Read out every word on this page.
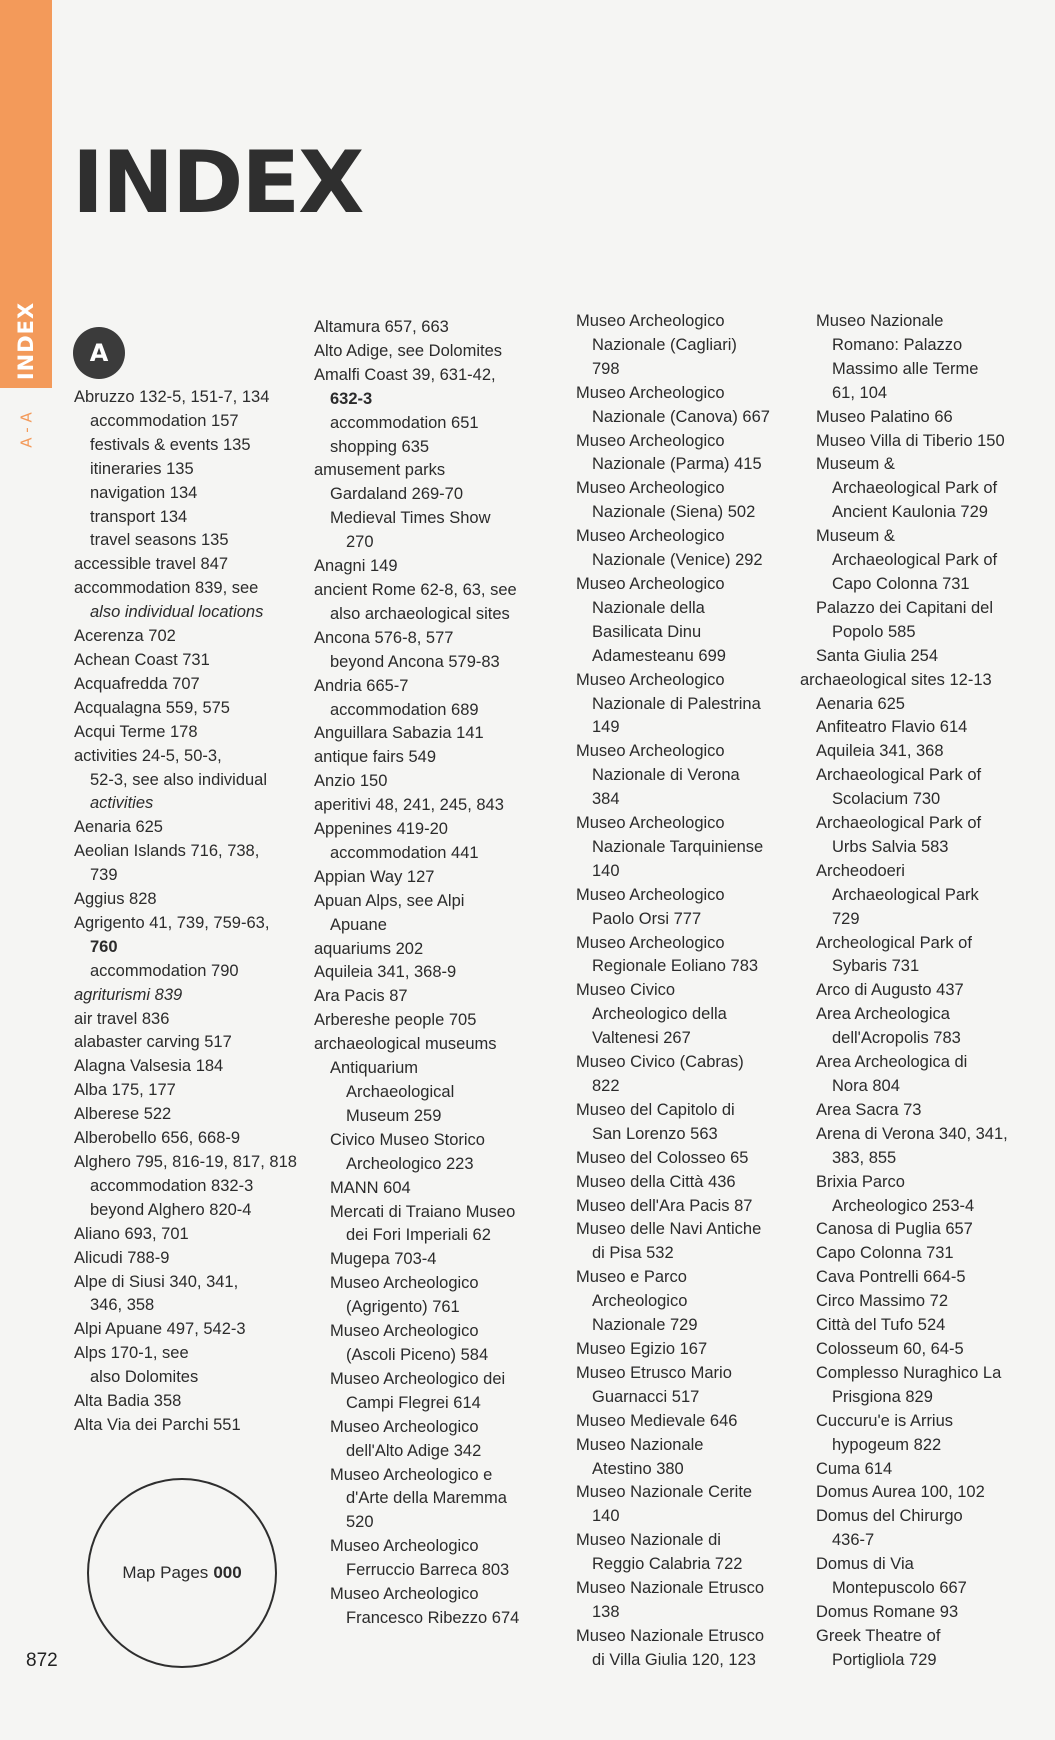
INDEX
A - A
INDEX
A
Abruzzo 132-5, 151-7, 134
accommodation 157
festivals & events 135
itineraries 135
navigation 134
transport 134
travel seasons 135
accessible travel 847
accommodation 839, see
also individual locations
Acerenza 702
Achean Coast 731
Acquafredda 707
Acqualagna 559, 575
Acqui Terme 178
activities 24-5, 50-3,
52-3, see also individual
activities
Aenaria 625
Aeolian Islands 716, 738,
739
Aggius 828
Agrigento 41, 739, 759-63,
760
accommodation 790
agriturismi 839
air travel 836
alabaster carving 517
Alagna Valsesia 184
Alba 175, 177
Alberese 522
Alberobello 656, 668-9
Alghero 795, 816-19, 817, 818
accommodation 832-3
beyond Alghero 820-4
Aliano 693, 701
Alicudi 788-9
Alpe di Siusi 340, 341,
346, 358
Alpi Apuane 497, 542-3
Alps 170-1, see
also Dolomites
Alta Badia 358
Alta Via dei Parchi 551
Altamura 657, 663
Alto Adige, see Dolomites
Amalfi Coast 39, 631-42,
632-3
accommodation 651
shopping 635
amusement parks
Gardaland 269-70
Medieval Times Show
270
Anagni 149
ancient Rome 62-8, 63, see
also archaeological sites
Ancona 576-8, 577
beyond Ancona 579-83
Andria 665-7
accommodation 689
Anguillara Sabazia 141
antique fairs 549
Anzio 150
aperitivi 48, 241, 245, 843
Appenines 419-20
accommodation 441
Appian Way 127
Apuan Alps, see Alpi
Apuane
aquariums 202
Aquileia 341, 368-9
Ara Pacis 87
Arbereshe people 705
archaeological museums
Antiquarium
Archaeological
Museum 259
Civico Museo Storico
Archeologico 223
MANN 604
Mercati di Traiano Museo
dei Fori Imperiali 62
Mugepa 703-4
Museo Archeologico
(Agrigento) 761
Museo Archeologico
(Ascoli Piceno) 584
Museo Archeologico dei
Campi Flegrei 614
Museo Archeologico
dell'Alto Adige 342
Museo Archeologico e
d'Arte della Maremma
520
Museo Archeologico
Ferruccio Barreca 803
Museo Archeologico
Francesco Ribezzo 674
Museo Archeologico
Nazionale (Cagliari)
798
Museo Archeologico
Nazionale (Canova) 667
Museo Archeologico
Nazionale (Parma) 415
Museo Archeologico
Nazionale (Siena) 502
Museo Archeologico
Nazionale (Venice) 292
Museo Archeologico
Nazionale della
Basilicata Dinu
Adamesteanu 699
Museo Archeologico
Nazionale di Palestrina
149
Museo Archeologico
Nazionale di Verona
384
Museo Archeologico
Nazionale Tarquiniense
140
Museo Archeologico
Paolo Orsi 777
Museo Archeologico
Regionale Eoliano 783
Museo Civico
Archeologico della
Valtenesi 267
Museo Civico (Cabras)
822
Museo del Capitolo di
San Lorenzo 563
Museo del Colosseo 65
Museo della Città 436
Museo dell'Ara Pacis 87
Museo delle Navi Antiche
di Pisa 532
Museo e Parco
Archeologico
Nazionale 729
Museo Egizio 167
Museo Etrusco Mario
Guarnacci 517
Museo Medievale 646
Museo Nazionale
Atestino 380
Museo Nazionale Cerite
140
Museo Nazionale di
Reggio Calabria 722
Museo Nazionale Etrusco
138
Museo Nazionale Etrusco
di Villa Giulia 120, 123
Museo Nazionale
Romano: Palazzo
Massimo alle Terme
61, 104
Museo Palatino 66
Museo Villa di Tiberio 150
Museum &
Archaeological Park of
Ancient Kaulonia 729
Museum &
Archaeological Park of
Capo Colonna 731
Palazzo dei Capitani del
Popolo 585
Santa Giulia 254
archaeological sites 12-13
Aenaria 625
Anfiteatro Flavio 614
Aquileia 341, 368
Archaeological Park of
Scolacium 730
Archaeological Park of
Urbs Salvia 583
Archeodoeri
Archaeological Park
729
Archeological Park of
Sybaris 731
Arco di Augusto 437
Area Archeologica
dell'Acropolis 783
Area Archeologica di
Nora 804
Area Sacra 73
Arena di Verona 340, 341,
383, 855
Brixia Parco
Archeologico 253-4
Canosa di Puglia 657
Capo Colonna 731
Cava Pontrelli 664-5
Circo Massimo 72
Città del Tufo 524
Colosseum 60, 64-5
Complesso Nuraghico La
Prisgiona 829
Cuccuru'e is Arrius
hypogeum 822
Cuma 614
Domus Aurea 100, 102
Domus del Chirurgo
436-7
Domus di Via
Montepuscolo 667
Domus Romane 93
Greek Theatre of
Portigliola 729
Map Pages 000
872
